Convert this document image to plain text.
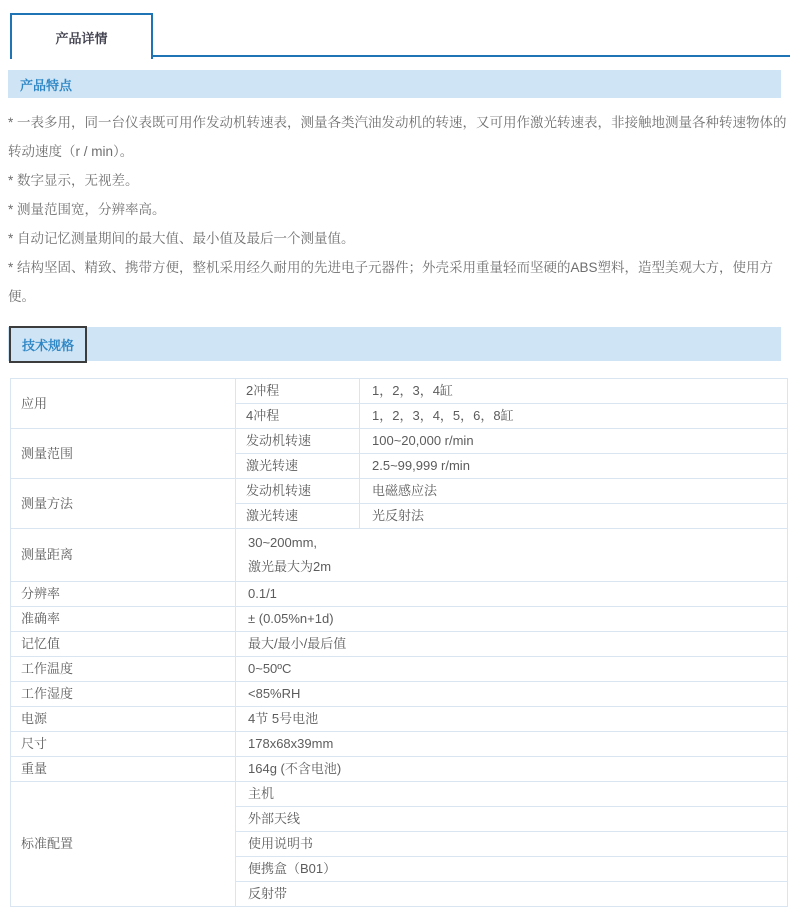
产品详情
产品特点

* 一表多用，同一台仪表既可用作发动机转速表，测量各类汽油发动机的转速，又可用作激光转速表，非接触地测量各种转速物体的转动速度（r / min）。

* 数字显示，无视差。

* 测量范围宽，分辨率高。

* 自动记忆测量期间的最大值、最小值及最后一个测量值。

* 结构坚固、精致、携带方便，整机采用经久耐用的先进电子元器件；外壳采用重量轻而坚硬的ABS塑料，造型美观大方，使用方便。

技术规格
应用	2冲程	1，2，3，4缸
	4冲程	1，2，3，4，5，6，8缸
测量范围	发动机转速	100~20,000 r/min
	激光转速	2.5~99,999 r/min
测量方法	发动机转速	电磁感应法
	激光转速	光反射法
测量距离	30~200mm,
激光最大为2m	
分辨率	0.1/1	
准确率	± (0.05%n+1d)	
记忆值	最大/最小/最后值	
工作温度	0~50ºC	
工作湿度	<85%RH	
电源	4节 5号电池	
尺寸	178x68x39mm	
重量	164g (不含电池)	
标准配置	主机	
	外部天线	
	使用说明书	
	便携盒（B01）	
	反射带	
